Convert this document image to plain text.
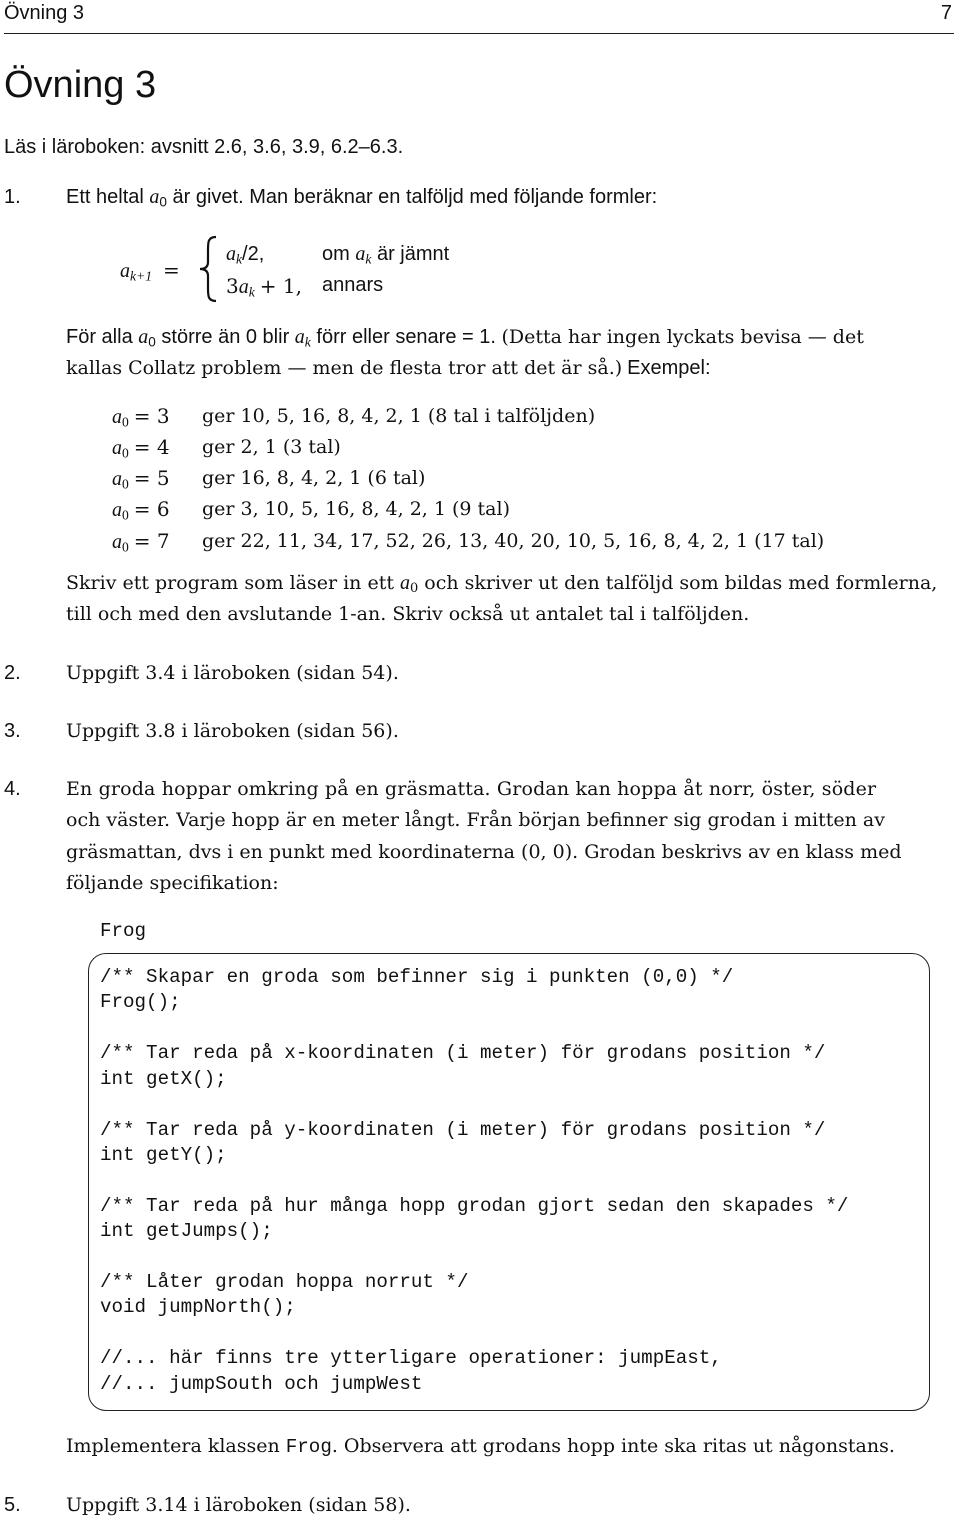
Övning 3	7
Övning 3
Läs i läroboken: avsnitt 2.6, 3.6, 3.9, 6.2–6.3.
1. Ett heltal $a_0$ är givet. Man beräknar en talföljd med följande formler:
$a_{k+1}$ =
$a_k/2$,	om $a_k$ är jämnt
$3a_k + 1$, annars
För alla $a_0$ större än 0 blir $a_k$ förr eller senare = 1. (Detta har ingen lyckats bevisa — det
kallas Collatz problem — men de flesta tror att det är så.) Exempel:
$a_0 = 3$ ger 10, 5, 16, 8, 4, 2, 1 (8 tal i talföljden)
$a_0 = 4$ ger 2, 1 (3 tal)
$a_0 = 5$ ger 16, 8, 4, 2, 1 (6 tal)
$a_0 = 6$ ger 3, 10, 5, 16, 8, 4, 2, 1 (9 tal)
$a_0 = 7$ ger 22, 11, 34, 17, 52, 26, 13, 40, 20, 10, 5, 16, 8, 4, 2, 1 (17 tal)
Skriv ett program som läser in ett $a_0$ och skriver ut den talföljd som bildas med formlerna,
till och med den avslutande 1-an. Skriv också ut antalet tal i talföljden.
2. Uppgift 3.4 i läroboken (sidan 54).
3. Uppgift 3.8 i läroboken (sidan 56).
4. En groda hoppar omkring på en gräsmatta. Grodan kan hoppa åt norr, öster, söder
och väster. Varje hopp är en meter långt. Från början befinner sig grodan i mitten av
gräsmattan, dvs i en punkt med koordinaterna (0, 0). Grodan beskrivs av en klass med
följande specifikation:
Frog
/** Skapar en groda som befinner sig i punkten (0,0) */
Frog();
/** Tar reda på x-koordinaten (i meter) för grodans position */
int getX();
/** Tar reda på y-koordinaten (i meter) för grodans position */
int getY();
/** Tar reda på hur många hopp grodan gjort sedan den skapades */
int getJumps();
/** Låter grodan hoppa norrut */
void jumpNorth();
//... här finns tre ytterligare operationer: jumpEast,
//... jumpSouth och jumpWest
Implementera klassen Frog. Observera att grodans hopp inte ska ritas ut någonstans.
5. Uppgift 3.14 i läroboken (sidan 58).
